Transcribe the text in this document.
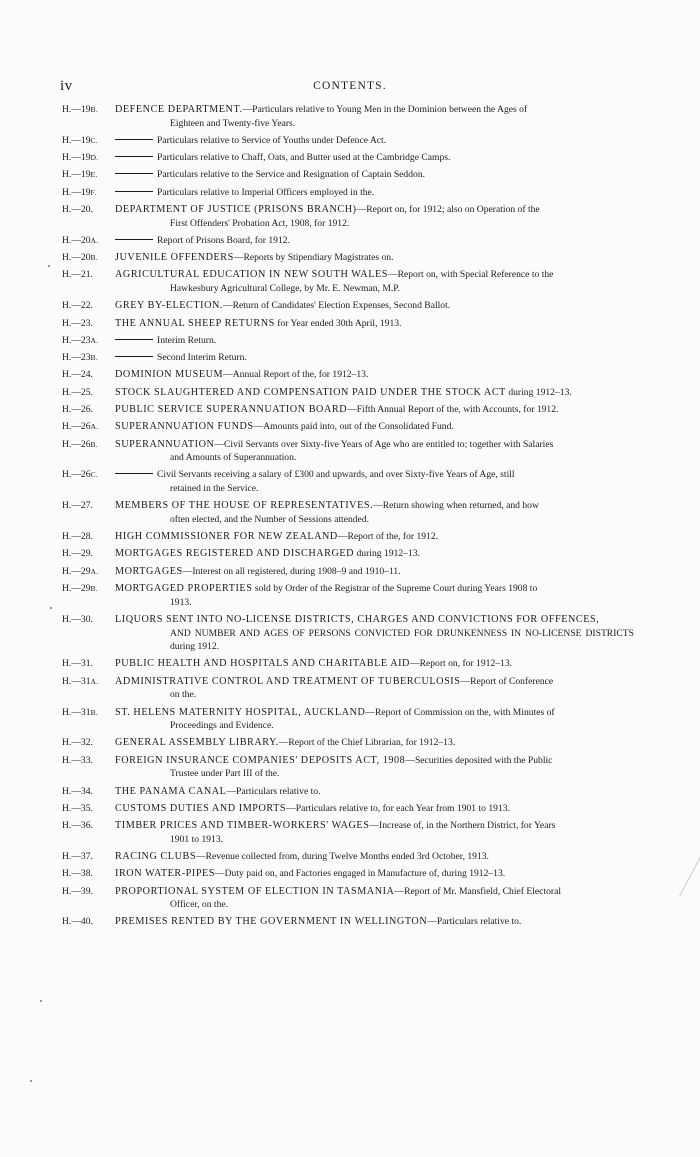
iv	CONTENTS.
H.—19B.	DEFENCE DEPARTMENT.—Particulars relative to Young Men in the Dominion between the Ages of
Eighteen and Twenty-five Years.
H.—19C.	Particulars relative to Service of Youths under Defence Act.
H.—19D.	Particulars relative to Chaff, Oats, and Butter used at the Cambridge Camps.
H.—19E.	Particulars relative to the Service and Resignation of Captain Seddon.
H.—19F.	Particulars relative to Imperial Officers employed in the.
H.—20.	DEPARTMENT OF JUSTICE (PRISONS BRANCH)—Report on, for 1912; also on Operation of the
First Offenders' Probation Act, 1908, for 1912.
H.—20A.	Report of Prisons Board, for 1912.
H.—20B.	JUVENILE OFFENDERS—Reports by Stipendiary Magistrates on.
H.—21.	AGRICULTURAL EDUCATION IN NEW SOUTH WALES—Report on, with Special Reference to the
Hawkesbury Agricultural College, by Mr. E. Newman, M.P.
H.—22.	GREY BY-ELECTION.—Return of Candidates' Election Expenses, Second Ballot.
H.—23.	THE ANNUAL SHEEP RETURNS for Year ended 30th April, 1913.
H.—23A.	Interim Return.
H.—23B.	Second Interim Return.
H.—24.	DOMINION MUSEUM—Annual Report of the, for 1912–13.
H.—25.	STOCK SLAUGHTERED AND COMPENSATION PAID UNDER THE STOCK ACT during 1912–13.
H.—26.	PUBLIC SERVICE SUPERANNUATION BOARD—Fifth Annual Report of the, with Accounts, for 1912.
H.—26A.	SUPERANNUATION FUNDS—Amounts paid into, out of the Consolidated Fund.
H.—26B.	SUPERANNUATION—Civil Servants over Sixty-five Years of Age who are entitled to; together with Salaries
and Amounts of Superannuation.
H.—26C.	Civil Servants receiving a salary of £300 and upwards, and over Sixty-five Years of Age, still
retained in the Service.
H.—27.	MEMBERS OF THE HOUSE OF REPRESENTATIVES.—Return showing when returned, and how
often elected, and the Number of Sessions attended.
H.—28.	HIGH COMMISSIONER FOR NEW ZEALAND—Report of the, for 1912.
H.—29.	MORTGAGES REGISTERED AND DISCHARGED during 1912–13.
H.—29A.	MORTGAGES—Interest on all registered, during 1908–9 and 1910–11.
H.—29B.	MORTGAGED PROPERTIES sold by Order of the Registrar of the Supreme Court during Years 1908 to
1913.
H.—30.	LIQUORS SENT INTO NO-LICENSE DISTRICTS, CHARGES AND CONVICTIONS FOR OFFENCES,
AND NUMBER AND AGES OF PERSONS CONVICTED FOR DRUNKENNESS IN NO-LICENSE DISTRICTS during 1912.
H.—31.	PUBLIC HEALTH AND HOSPITALS AND CHARITABLE AID—Report on, for 1912–13.
H.—31A.	ADMINISTRATIVE CONTROL AND TREATMENT OF TUBERCULOSIS—Report of Conference
on the.
H.—31B.	ST. HELENS MATERNITY HOSPITAL, AUCKLAND—Report of Commission on the, with Minutes of
Proceedings and Evidence.
H.—32.	GENERAL ASSEMBLY LIBRARY.—Report of the Chief Librarian, for 1912–13.
H.—33.	FOREIGN INSURANCE COMPANIES' DEPOSITS ACT, 1908—Securities deposited with the Public
Trustee under Part III of the.
H.—34.	THE PANAMA CANAL—Particulars relative to.
H.—35.	CUSTOMS DUTIES AND IMPORTS—Particulars relative to, for each Year from 1901 to 1913.
H.—36.	TIMBER PRICES AND TIMBER-WORKERS' WAGES—Increase of, in the Northern District, for Years
1901 to 1913.
H.—37.	RACING CLUBS—Revenue collected from, during Twelve Months ended 3rd October, 1913.
H.—38.	IRON WATER-PIPES—Duty paid on, and Factories engaged in Manufacture of, during 1912–13.
H.—39.	PROPORTIONAL SYSTEM OF ELECTION IN TASMANIA—Report of Mr. Mansfield, Chief Electoral
Officer, on the.
H.—40.	PREMISES RENTED BY THE GOVERNMENT IN WELLINGTON—Particulars relative to.
